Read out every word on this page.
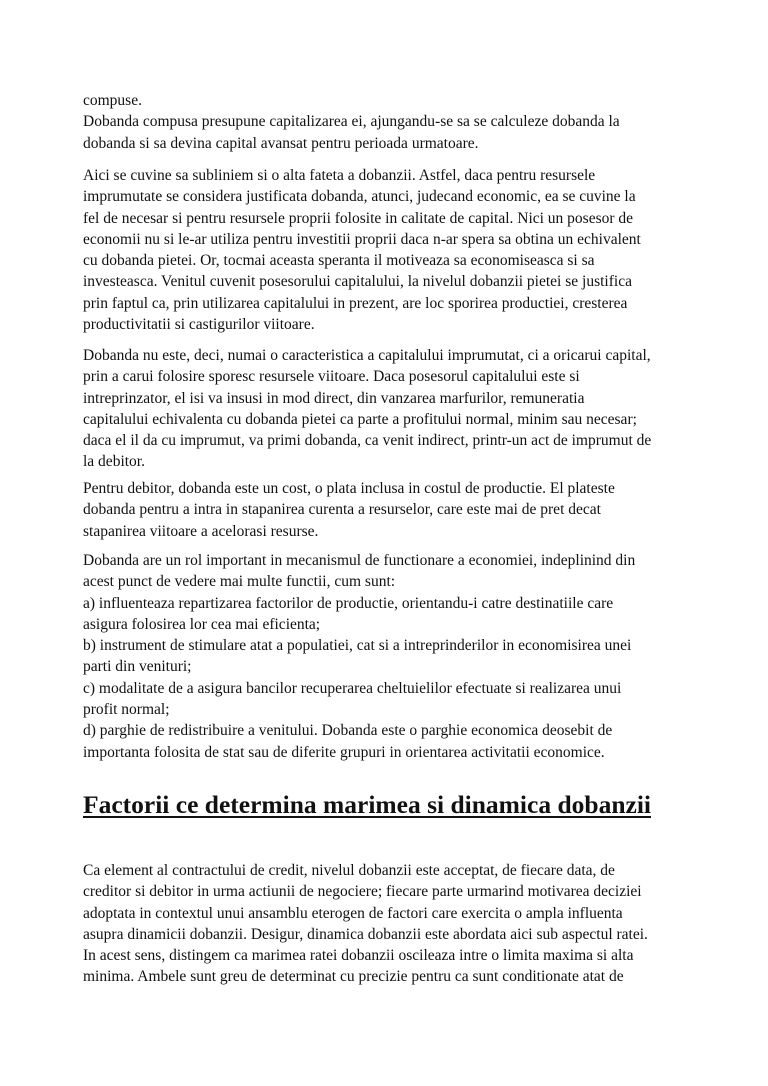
compuse.
Dobanda compusa presupune capitalizarea ei, ajungandu-se sa se calculeze dobanda la
dobanda si sa devina capital avansat pentru perioada urmatoare.

Aici se cuvine sa subliniem si o alta fateta a dobanzii. Astfel, daca pentru resursele
imprumutate se considera justificata dobanda, atunci, judecand economic, ea se cuvine la
fel de necesar si pentru resursele proprii folosite in calitate de capital. Nici un posesor de
economii nu si le-ar utiliza pentru investitii proprii daca n-ar spera sa obtina un echivalent
cu dobanda pietei. Or, tocmai aceasta speranta il motiveaza sa economiseasca si sa
investeasca. Venitul cuvenit posesorului capitalului, la nivelul dobanzii pietei se justifica
prin faptul ca, prin utilizarea capitalului in prezent, are loc sporirea productiei, cresterea
productivitatii si castigurilor viitoare.

Dobanda nu este, deci, numai o caracteristica a capitalului imprumutat, ci a oricarui capital,
prin a carui folosire sporesc resursele viitoare. Daca posesorul capitalului este si
intreprinzator, el isi va insusi in mod direct, din vanzarea marfurilor, remuneratia
capitalului echivalenta cu dobanda pietei ca parte a profitului normal, minim sau necesar;
daca el il da cu imprumut, va primi dobanda, ca venit indirect, printr-un act de imprumut de
la debitor.

Pentru debitor, dobanda este un cost, o plata inclusa in costul de productie. El plateste
dobanda pentru a intra in stapanirea curenta a resurselor, care este mai de pret decat
stapanirea viitoare a acelorasi resurse.

Dobanda are un rol important in mecanismul de functionare a economiei, indeplinind din
acest punct de vedere mai multe functii, cum sunt:
a) influenteaza repartizarea factorilor de productie, orientandu-i catre destinatiile care
asigura folosirea lor cea mai eficienta;
b) instrument de stimulare atat a populatiei, cat si a intreprinderilor in economisirea unei
parti din venituri;
c) modalitate de a asigura bancilor recuperarea cheltuielilor efectuate si realizarea unui
profit normal;
d) parghie de redistribuire a venitului. Dobanda este o parghie economica deosebit de
importanta folosita de stat sau de diferite grupuri in orientarea activitatii economice.

Factorii ce determina marimea si dinamica dobanzii

Ca element al contractului de credit, nivelul dobanzii este acceptat, de fiecare data, de
creditor si debitor in urma actiunii de negociere; fiecare parte urmarind motivarea deciziei
adoptata in contextul unui ansamblu eterogen de factori care exercita o ampla influenta
asupra dinamicii dobanzii. Desigur, dinamica dobanzii este abordata aici sub aspectul ratei.
In acest sens, distingem ca marimea ratei dobanzii oscileaza intre o limita maxima si alta
minima. Ambele sunt greu de determinat cu precizie pentru ca sunt conditionate atat de
